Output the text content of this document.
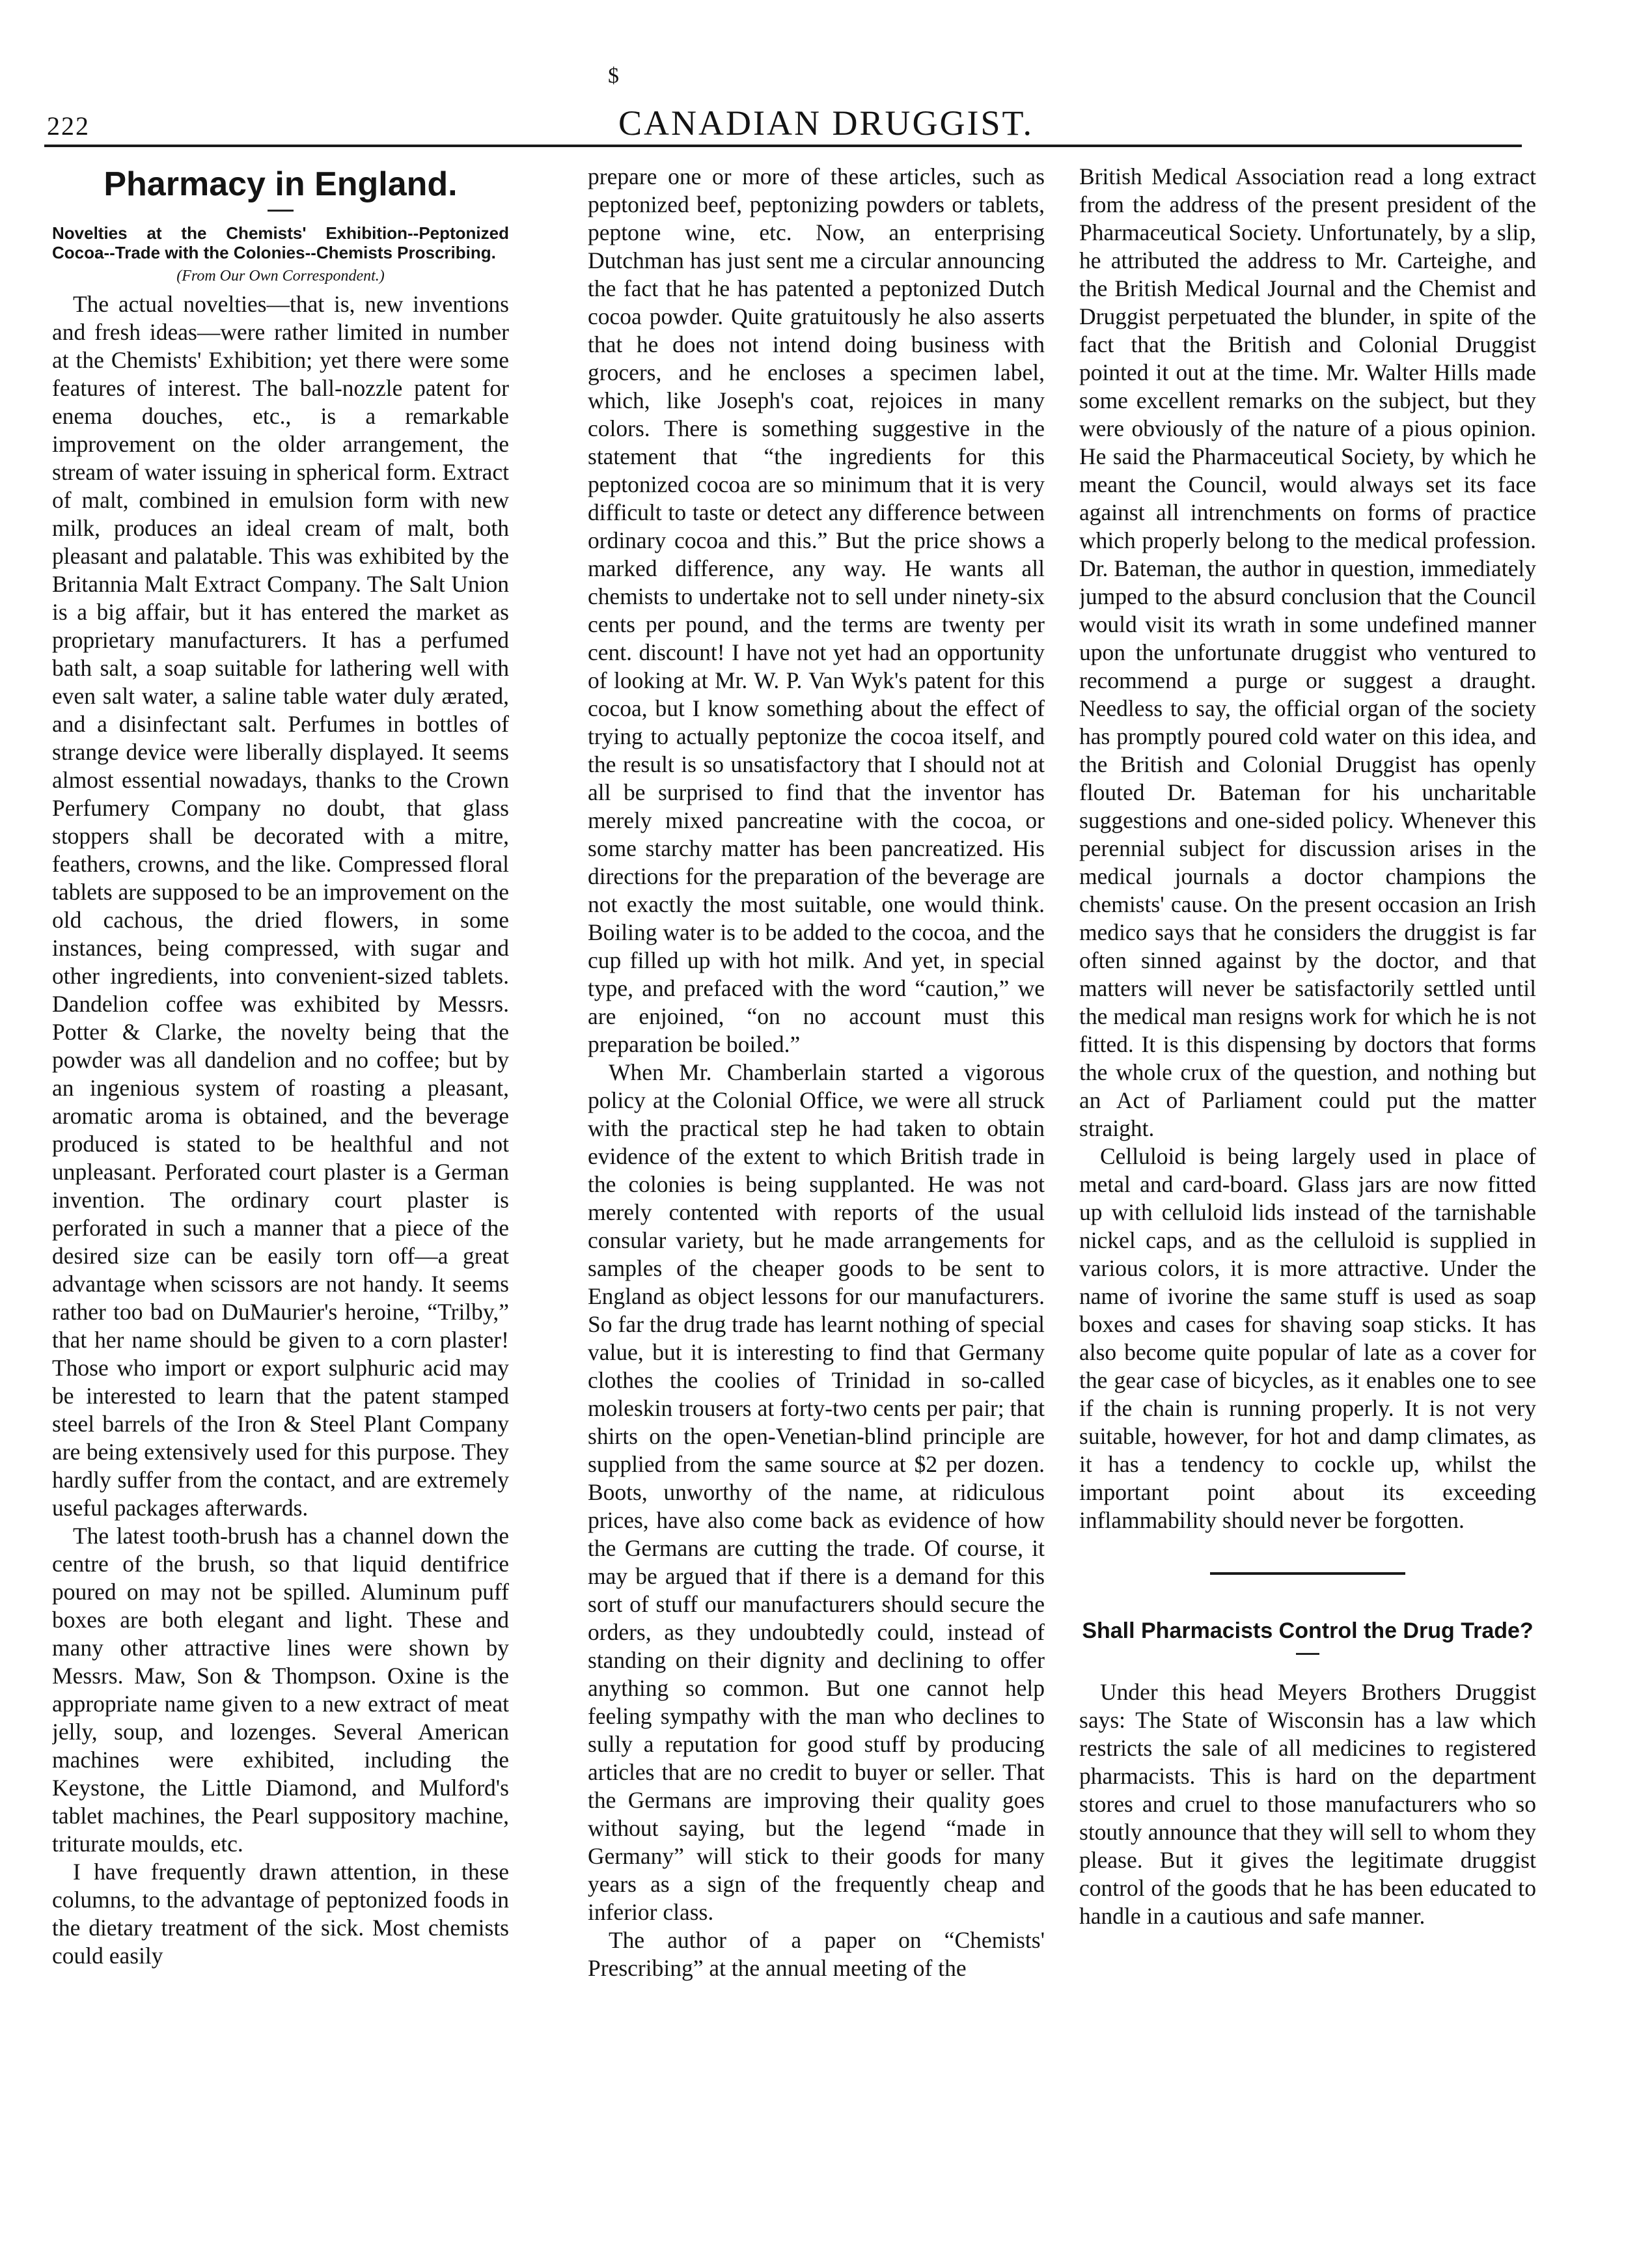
$
222	CANADIAN DRUGGIST.
Pharmacy in England.

Novelties at the Chemists' Exhibition--Peptonized Cocoa--Trade with the Colonies--Chemists Proscribing.

(From Our Own Correspondent.)

The actual novelties—that is, new inventions and fresh ideas—were rather limited in number at the Chemists' Exhibition; yet there were some features of interest. The ball-nozzle patent for enema douches, etc., is a remarkable improvement on the older arrangement, the stream of water issuing in spherical form. Extract of malt, combined in emulsion form with new milk, produces an ideal cream of malt, both pleasant and palatable. This was exhibited by the Britannia Malt Extract Company. The Salt Union is a big affair, but it has entered the market as proprietary manufacturers. It has a perfumed bath salt, a soap suitable for lathering well with even salt water, a saline table water duly ærated, and a disinfectant salt. Perfumes in bottles of strange device were liberally displayed. It seems almost essential nowadays, thanks to the Crown Perfumery Company no doubt, that glass stoppers shall be decorated with a mitre, feathers, crowns, and the like. Compressed floral tablets are supposed to be an improvement on the old cachous, the dried flowers, in some instances, being compressed, with sugar and other ingredients, into convenient-sized tablets. Dandelion coffee was exhibited by Messrs. Potter & Clarke, the novelty being that the powder was all dandelion and no coffee; but by an ingenious system of roasting a pleasant, aromatic aroma is obtained, and the beverage produced is stated to be healthful and not unpleasant. Perforated court plaster is a German invention. The ordinary court plaster is perforated in such a manner that a piece of the desired size can be easily torn off—a great advantage when scissors are not handy. It seems rather too bad on DuMaurier's heroine, “Trilby,” that her name should be given to a corn plaster! Those who import or export sulphuric acid may be interested to learn that the patent stamped steel barrels of the Iron & Steel Plant Company are being extensively used for this purpose. They hardly suffer from the contact, and are extremely useful packages afterwards.

The latest tooth-brush has a channel down the centre of the brush, so that liquid dentifrice poured on may not be spilled. Aluminum puff boxes are both elegant and light. These and many other attractive lines were shown by Messrs. Maw, Son & Thompson. Oxine is the appropriate name given to a new extract of meat jelly, soup, and lozenges. Several American machines were exhibited, including the Keystone, the Little Diamond, and Mulford's tablet machines, the Pearl suppository machine, triturate moulds, etc.

I have frequently drawn attention, in these columns, to the advantage of peptonized foods in the dietary treatment of the sick. Most chemists could easily

prepare one or more of these articles, such as peptonized beef, peptonizing powders or tablets, peptone wine, etc. Now, an enterprising Dutchman has just sent me a circular announcing the fact that he has patented a peptonized Dutch cocoa powder. Quite gratuitously he also asserts that he does not intend doing business with grocers, and he encloses a specimen label, which, like Joseph's coat, rejoices in many colors. There is something suggestive in the statement that “the ingredients for this peptonized cocoa are so minimum that it is very difficult to taste or detect any difference between ordinary cocoa and this.” But the price shows a marked difference, any way. He wants all chemists to undertake not to sell under ninety-six cents per pound, and the terms are twenty per cent. discount! I have not yet had an opportunity of looking at Mr. W. P. Van Wyk's patent for this cocoa, but I know something about the effect of trying to actually peptonize the cocoa itself, and the result is so unsatisfactory that I should not at all be surprised to find that the inventor has merely mixed pancreatine with the cocoa, or some starchy matter has been pancreatized. His directions for the preparation of the beverage are not exactly the most suitable, one would think. Boiling water is to be added to the cocoa, and the cup filled up with hot milk. And yet, in special type, and prefaced with the word “caution,” we are enjoined, “on no account must this preparation be boiled.”

When Mr. Chamberlain started a vigorous policy at the Colonial Office, we were all struck with the practical step he had taken to obtain evidence of the extent to which British trade in the colonies is being supplanted. He was not merely contented with reports of the usual consular variety, but he made arrangements for samples of the cheaper goods to be sent to England as object lessons for our manufacturers. So far the drug trade has learnt nothing of special value, but it is interesting to find that Germany clothes the coolies of Trinidad in so-called moleskin trousers at forty-two cents per pair; that shirts on the open-Venetian-blind principle are supplied from the same source at $2 per dozen. Boots, unworthy of the name, at ridiculous prices, have also come back as evidence of how the Germans are cutting the trade. Of course, it may be argued that if there is a demand for this sort of stuff our manufacturers should secure the orders, as they undoubtedly could, instead of standing on their dignity and declining to offer anything so common. But one cannot help feeling sympathy with the man who declines to sully a reputation for good stuff by producing articles that are no credit to buyer or seller. That the Germans are improving their quality goes without saying, but the legend “made in Germany” will stick to their goods for many years as a sign of the frequently cheap and inferior class.

The author of a paper on “Chemists' Prescribing” at the annual meeting of the

British Medical Association read a long extract from the address of the present president of the Pharmaceutical Society. Unfortunately, by a slip, he attributed the address to Mr. Carteighe, and the British Medical Journal and the Chemist and Druggist perpetuated the blunder, in spite of the fact that the British and Colonial Druggist pointed it out at the time. Mr. Walter Hills made some excellent remarks on the subject, but they were obviously of the nature of a pious opinion. He said the Pharmaceutical Society, by which he meant the Council, would always set its face against all intrenchments on forms of practice which properly belong to the medical profession. Dr. Bateman, the author in question, immediately jumped to the absurd conclusion that the Council would visit its wrath in some undefined manner upon the unfortunate druggist who ventured to recommend a purge or suggest a draught. Needless to say, the official organ of the society has promptly poured cold water on this idea, and the British and Colonial Druggist has openly flouted Dr. Bateman for his uncharitable suggestions and one-sided policy. Whenever this perennial subject for discussion arises in the medical journals a doctor champions the chemists' cause. On the present occasion an Irish medico says that he considers the druggist is far often sinned against by the doctor, and that matters will never be satisfactorily settled until the medical man resigns work for which he is not fitted. It is this dispensing by doctors that forms the whole crux of the question, and nothing but an Act of Parliament could put the matter straight.

Celluloid is being largely used in place of metal and card-board. Glass jars are now fitted up with celluloid lids instead of the tarnishable nickel caps, and as the celluloid is supplied in various colors, it is more attractive. Under the name of ivorine the same stuff is used as soap boxes and cases for shaving soap sticks. It has also become quite popular of late as a cover for the gear case of bicycles, as it enables one to see if the chain is running properly. It is not very suitable, however, for hot and damp climates, as it has a tendency to cockle up, whilst the important point about its exceeding inflammability should never be forgotten.

Shall Pharmacists Control the Drug Trade?

Under this head Meyers Brothers Druggist says: The State of Wisconsin has a law which restricts the sale of all medicines to registered pharmacists. This is hard on the department stores and cruel to those manufacturers who so stoutly announce that they will sell to whom they please. But it gives the legitimate druggist control of the goods that he has been educated to handle in a cautious and safe manner.
